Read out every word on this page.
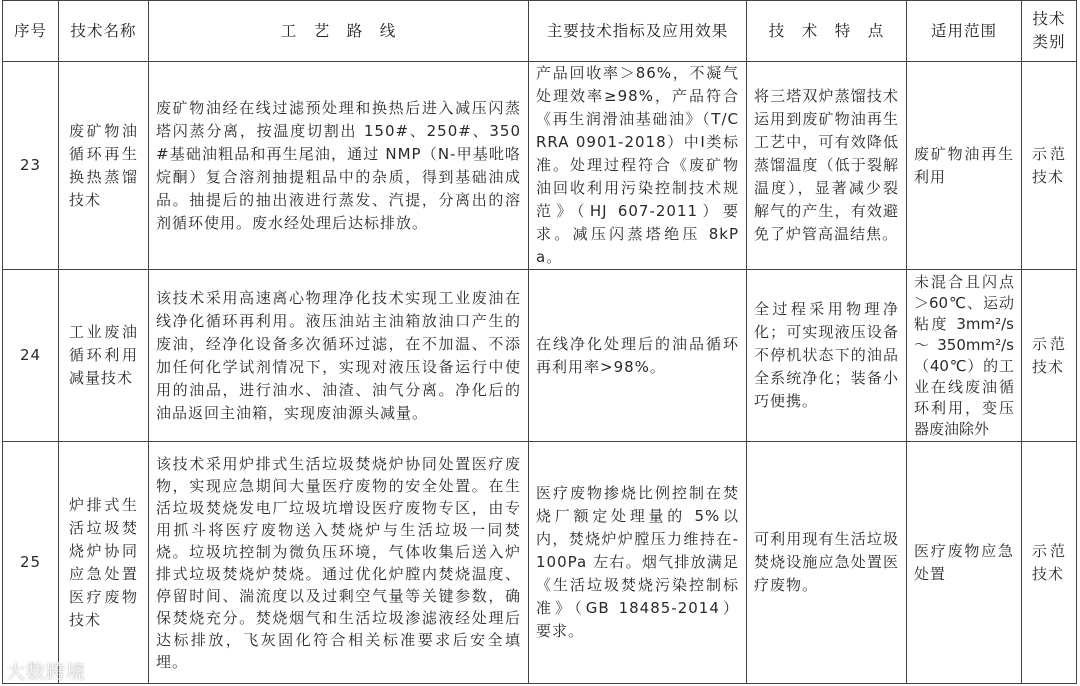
序号	技术名称	工　艺　路　线	主要技术指标及应用效果	技　术　特　点	适用范围	技术类别
23	废矿物油循环再生换热蒸馏技术	废矿物油经在线过滤预处理和换热后进入减压闪蒸塔闪蒸分离，按温度切割出 150#、250#、350#基础油粗品和再生尾油，通过 NMP（N-甲基吡咯烷酮）复合溶剂抽提粗品中的杂质，得到基础油成品。抽提后的抽出液进行蒸发、汽提，分离出的溶剂循环使用。废水经处理后达标排放。	产品回收率＞86%，不凝气处理效率≥98%，产品符合《再生润滑油基础油》（T/CRRA 0901-2018）中Ⅰ类标准。处理过程符合《废矿物油回收利用污染控制技术规范》（HJ 607-2011）要求。减压闪蒸塔绝压 8kPa。	将三塔双炉蒸馏技术运用到废矿物油再生工艺中，可有效降低蒸馏温度（低于裂解温度），显著减少裂解气的产生，有效避免了炉管高温结焦。	废矿物油再生利用	示范技术
24	工业废油循环利用减量技术	该技术采用高速离心物理净化技术实现工业废油在线净化循环再利用。液压油站主油箱放油口产生的废油，经净化设备多次循环过滤，在不加温、不添加任何化学试剂情况下，实现对液压设备运行中使用的油品，进行油水、油渣、油气分离。净化后的油品返回主油箱，实现废油源头减量。	在线净化处理后的油品循环再利用率>98%。	全过程采用物理净化；可实现液压设备不停机状态下的油品全系统净化；装备小巧便携。	未混合且闪点＞60℃、运动粘度 3mm²/s～350mm²/s（40℃）的工业在线废油循环利用，变压器废油除外	示范技术
25	炉排式生活垃圾焚烧炉协同应急处置医疗废物技术	该技术采用炉排式生活垃圾焚烧炉协同处置医疗废物，实现应急期间大量医疗废物的安全处置。在生活垃圾焚烧发电厂垃圾坑增设医疗废物专区，由专用抓斗将医疗废物送入焚烧炉与生活垃圾一同焚烧。垃圾坑控制为微负压环境，气体收集后送入炉排式垃圾焚烧炉焚烧。通过优化炉膛内焚烧温度、停留时间、湍流度以及过剩空气量等关键参数，确保焚烧充分。焚烧烟气和生活垃圾渗滤液经处理后达标排放，飞灰固化符合相关标准要求后安全填埋。	医疗废物掺烧比例控制在焚烧厂额定处理量的 5%以内，焚烧炉炉膛压力维持在-100Pa 左右。烟气排放满足《生活垃圾焚烧污染控制标准》（GB 18485-2014）要求。	可利用现有生活垃圾焚烧设施应急处置医疗废物。	医疗废物应急处置	示范技术
大数跨境
